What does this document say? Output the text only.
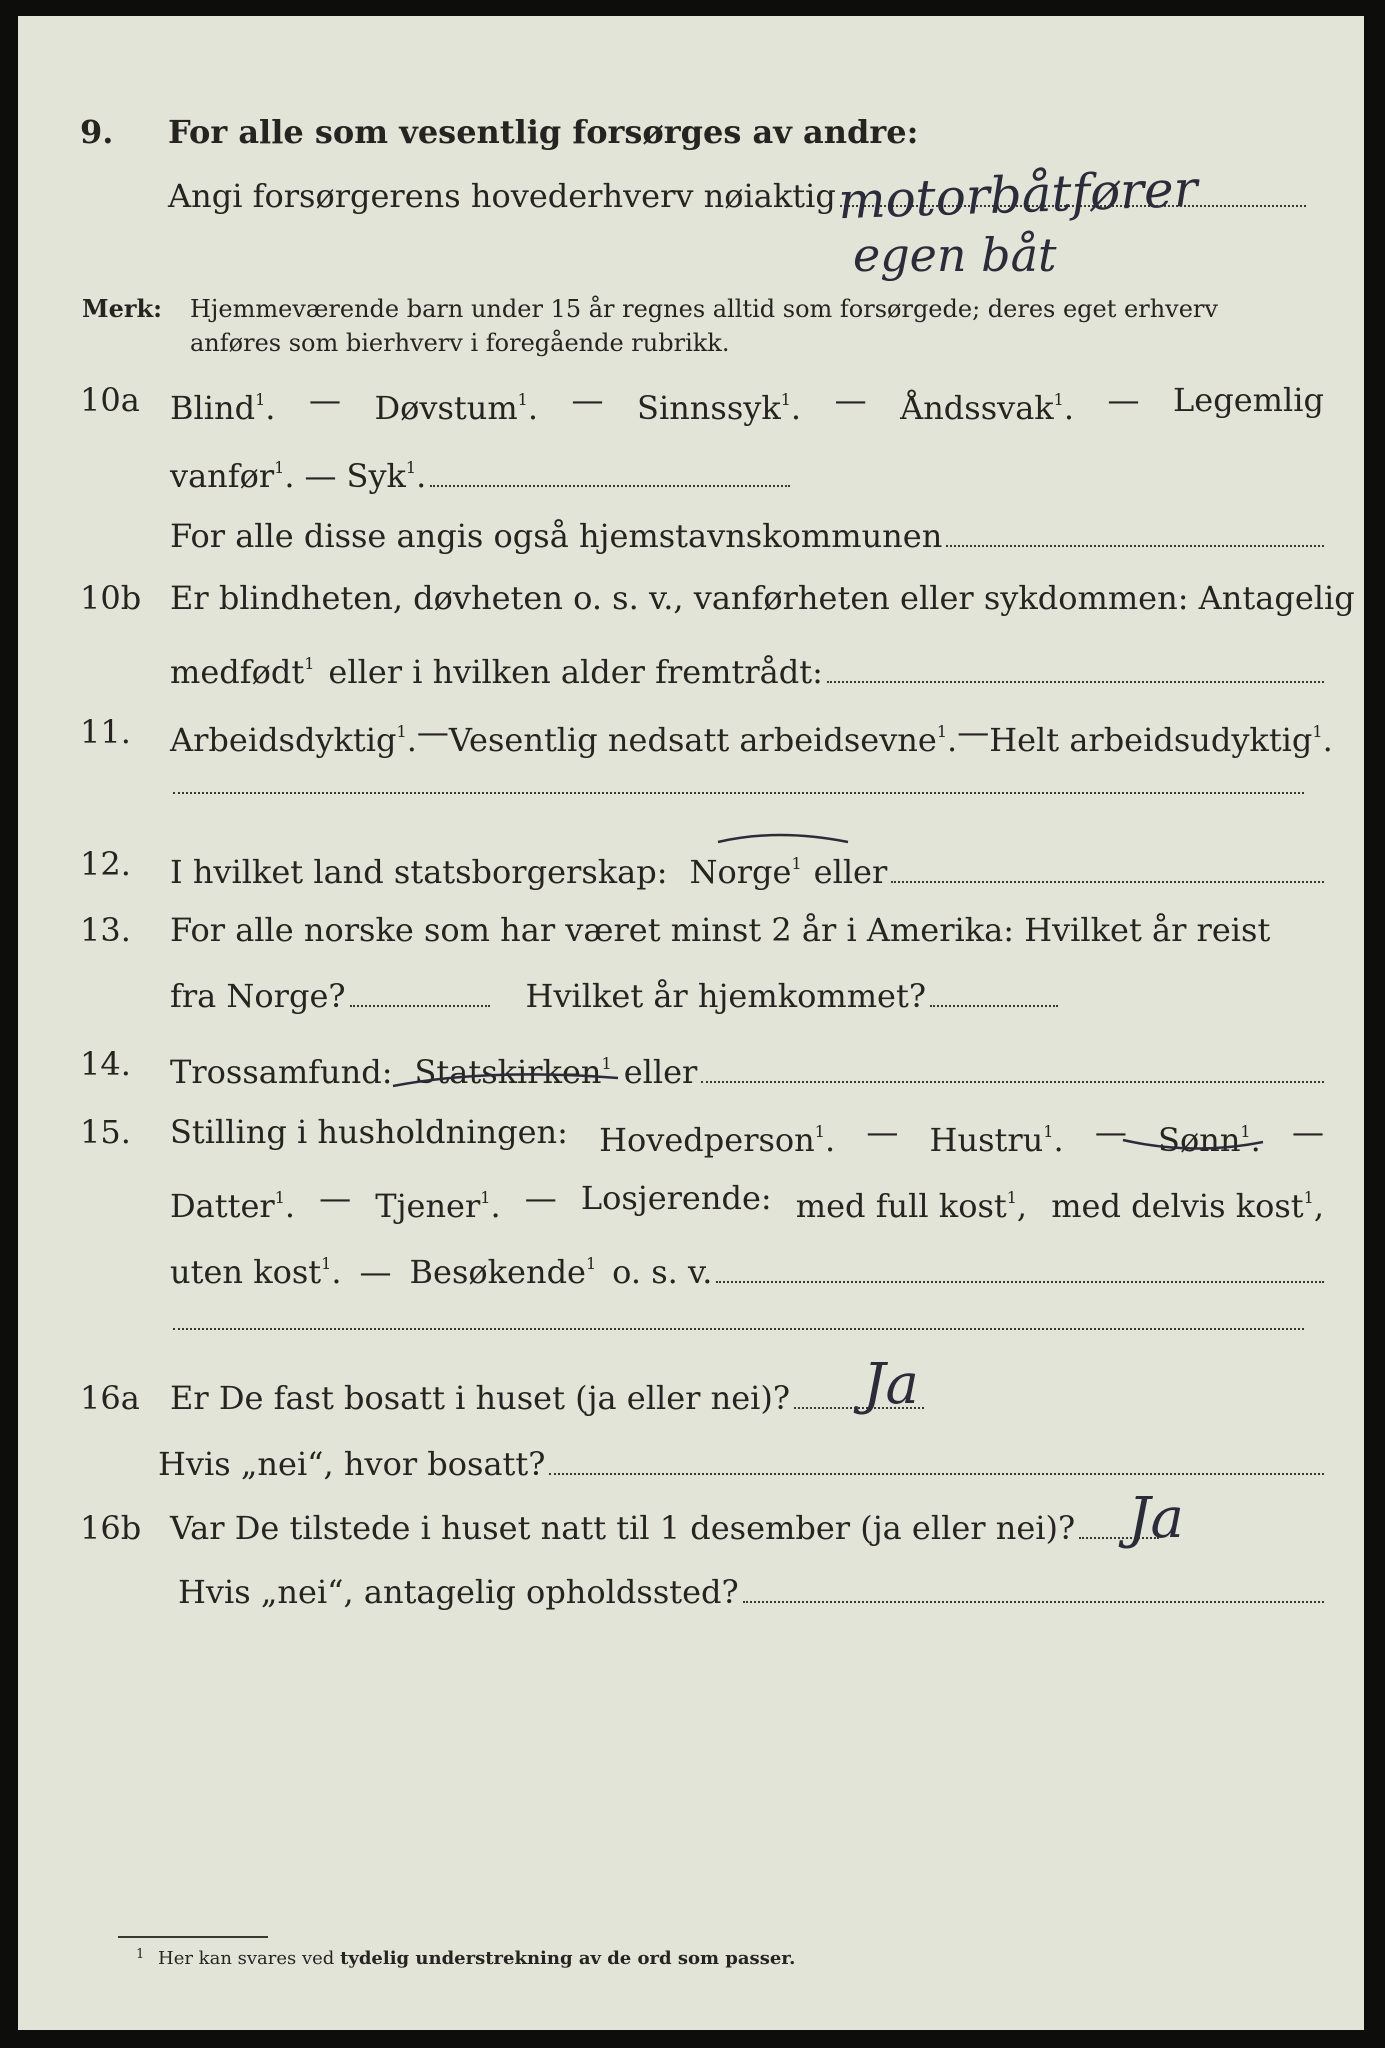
9.	For alle som vesentlig forsørges av andre:
Angi forsørgerens hovederhverv nøiaktig motorbåtfører
egen båt
Merk:	Hjemmeværende barn under 15 år regnes alltid som forsørgede; deres eget erhverv
anføres som bierhverv i foregående rubrikk.
10a Blind$^1$. — Døvstum$^1$. — Sinnssyk$^1$. — Åndssvak$^1$. — Legemlig
vanfør$^1$. — Syk$^1$.
For alle disse angis også hjemstavnskommunen
10b Er blindheten, døvheten o. s. v., vanførheten eller sykdommen: Antagelig
medfødt$^1$ eller i hvilken alder fremtrådt:
11.	Arbeidsdyktig$^1$. — Vesentlig nedsatt arbeidsevne$^1$. — Helt arbeidsudyktig$^1$.
12.	I hvilket land statsborgerskap: Norge$^1$ eller
13.	For alle norske som har været minst 2 år i Amerika: Hvilket år reist
fra Norge?	Hvilket år hjemkommet?
14.	Trossamfund: Statskirken$^1$ eller
15.	Stilling i husholdningen: Hovedperson$^1$. — Hustru$^1$. — Sønn$^1$. —
Datter$^1$. — Tjener$^1$. — Losjerende: med full kost$^1$, med delvis kost$^1$,
uten kost$^1$. — Besøkende$^1$ o. s. v.
16a Er De fast bosatt i huset (ja eller nei)? Ja
Hvis „nei“, hvor bosatt?
16b Var De tilstede i huset natt til 1 desember (ja eller nei)? Ja
Hvis „nei“, antagelig opholdssted?
1 Her kan svares ved tydelig understrekning av de ord som passer.
